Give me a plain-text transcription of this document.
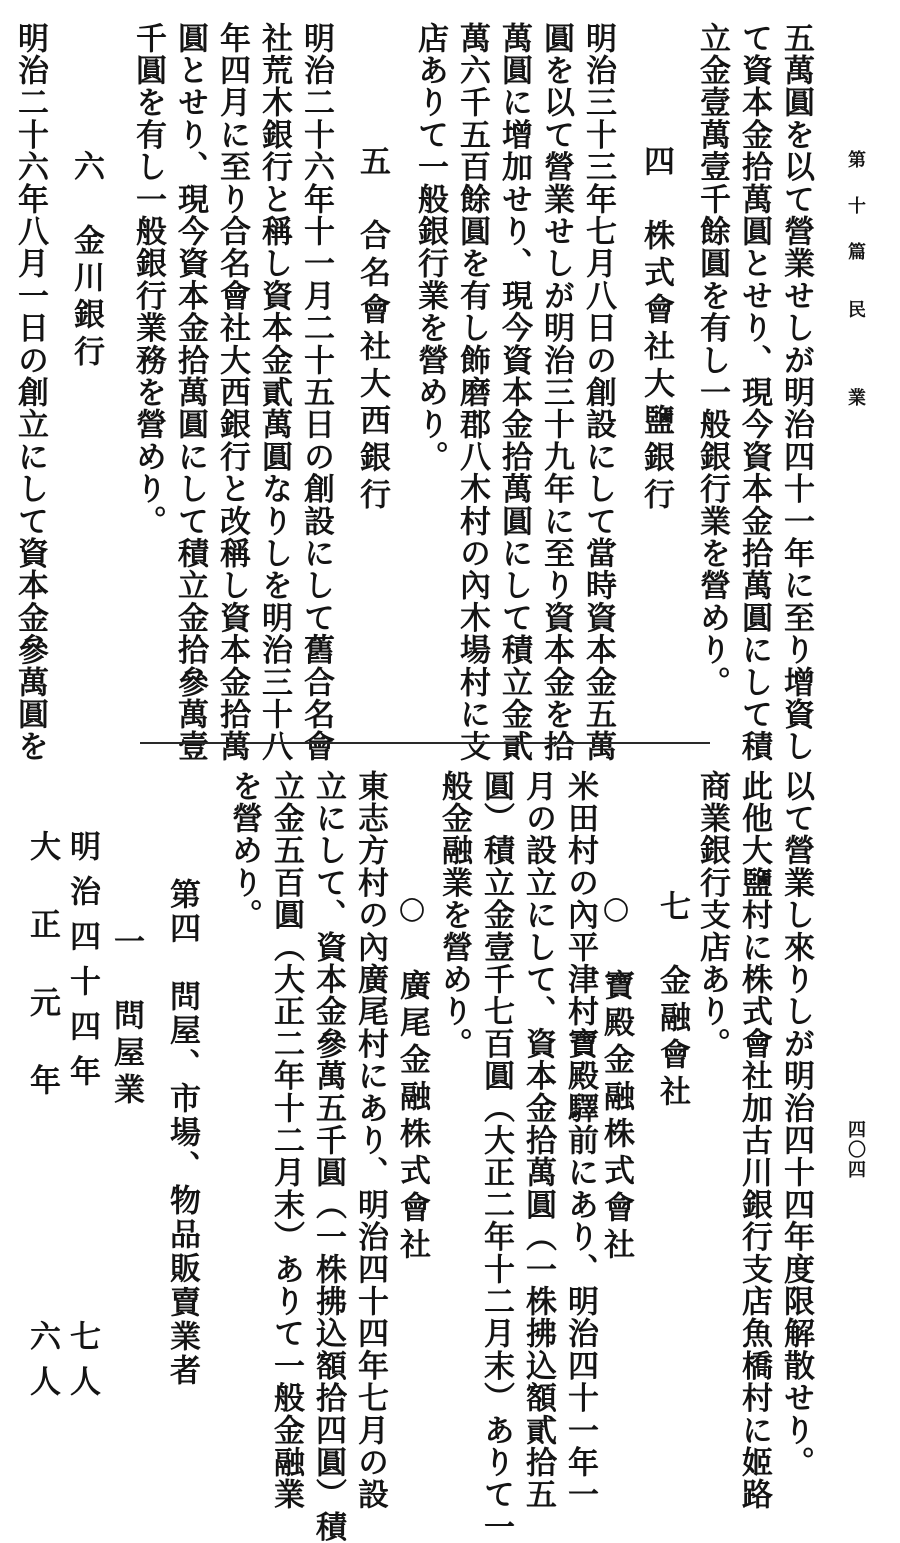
第十篇
民業
四〇四
五萬圓を以て營業せしが明治四十一年に至り增資し
て資本金拾萬圓とせり、現今資本金拾萬圓にして積
立金壹萬壹千餘圓を有し一般銀行業を營めり。
四　株式會社大鹽銀行
明治三十三年七月八日の創設にして當時資本金五萬
圓を以て營業せしが明治三十九年に至り資本金を拾
萬圓に增加せり、現今資本金拾萬圓にして積立金貳
萬六千五百餘圓を有し飾磨郡八木村の內木場村に支
店ありて一般銀行業を營めり。
五　合名會社大西銀行
明治二十六年十一月二十五日の創設にして舊合名會
社荒木銀行と稱し資本金貳萬圓なりしを明治三十八
年四月に至り合名會社大西銀行と改稱し資本金拾萬
圓とせり、現今資本金拾萬圓にして積立金拾參萬壹
千圓を有し一般銀行業務を營めり。
六　金川銀行
明治二十六年八月一日の創立にして資本金參萬圓を
以て營業し來りしが明治四十四年度限解散せり。
此他大鹽村に株式會社加古川銀行支店魚橋村に姬路
商業銀行支店あり。
七　金融會社
○　寶殿金融株式會社
米田村の內平津村寶殿驛前にあり、明治四十一年一
月の設立にして、資本金拾萬圓（一株拂込額貳拾五
圓）積立金壹千七百圓（大正二年十二月末）ありて一
般金融業を營めり。
○　廣尾金融株式會社
東志方村の內廣尾村にあり、明治四十四年七月の設
立にして、資本金參萬五千圓（一株拂込額拾四圓）積
立金五百圓（大正二年十二月末）ありて一般金融業
を營めり。
第四　問屋、市場、物品販賣業者
一　問屋業
明治四十四年
七人
大正元年
六人
